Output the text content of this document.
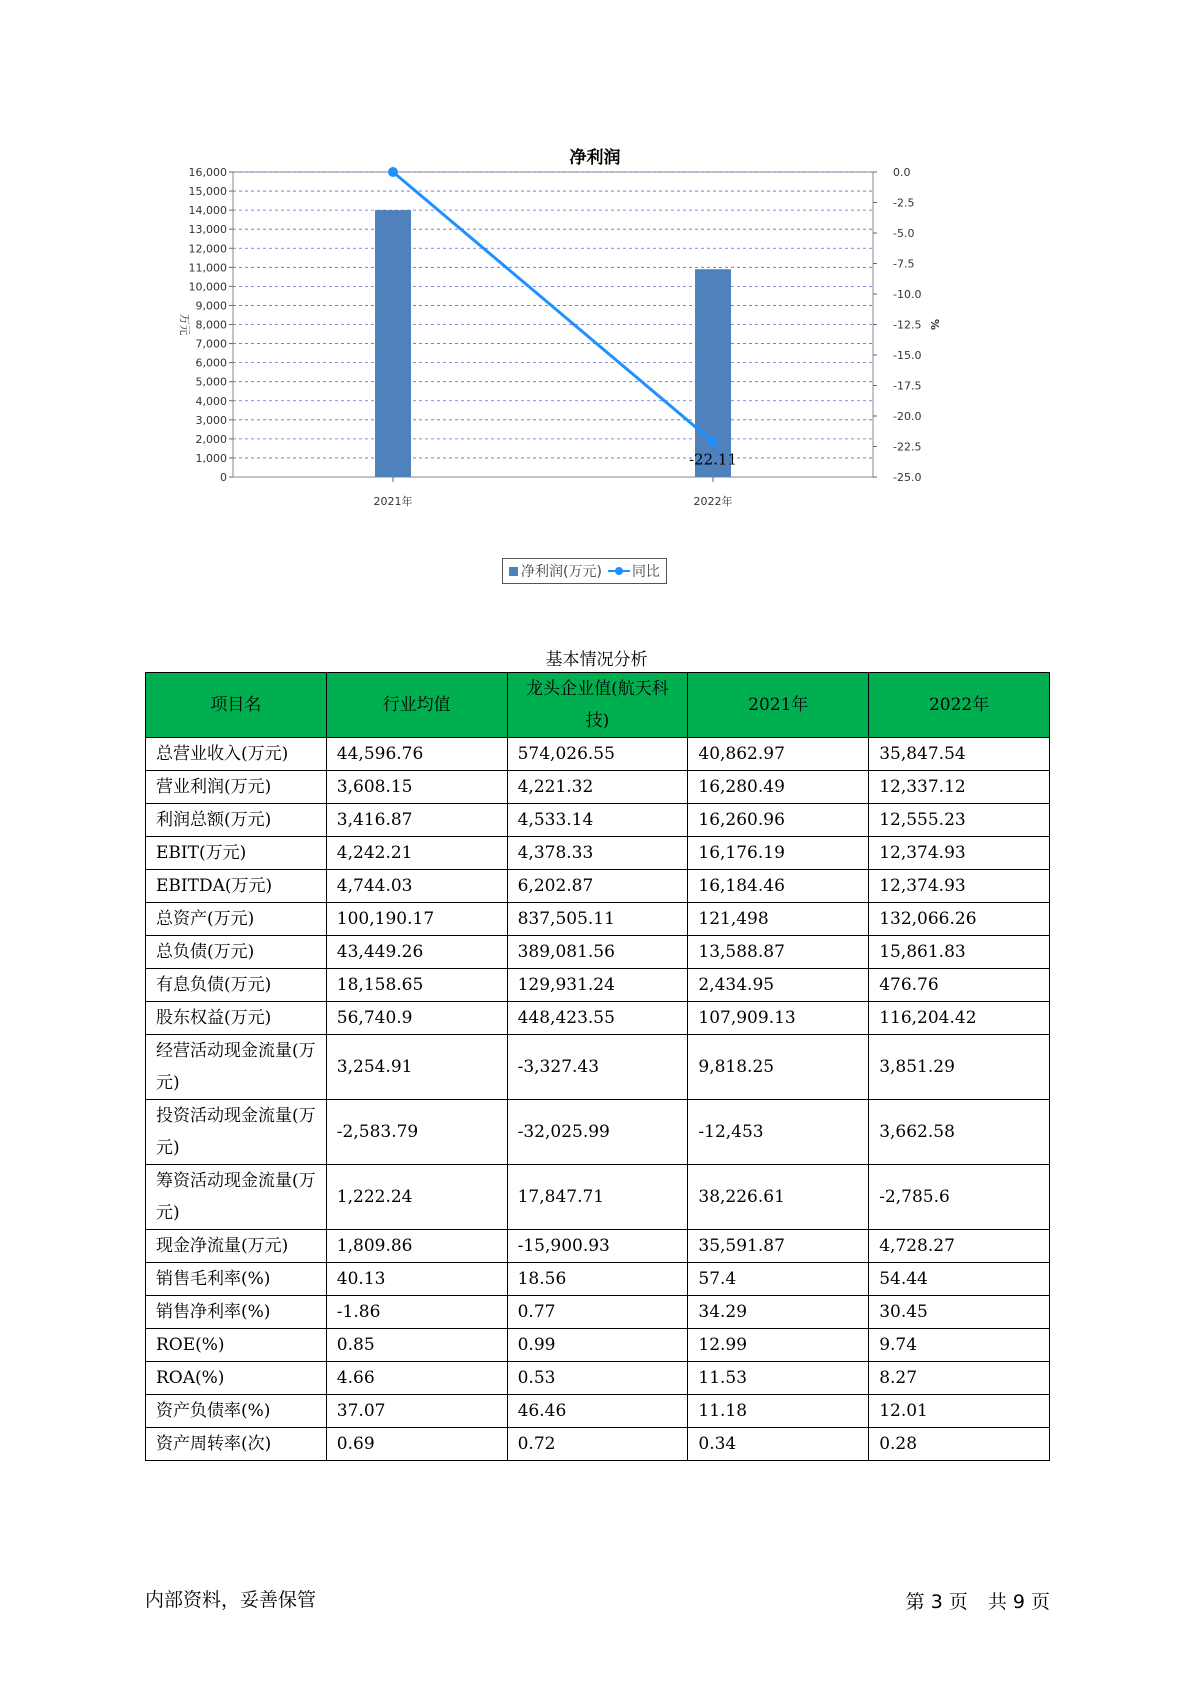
0
1,000
2,000
3,000
4,000
5,000
6,000
7,000
8,000
9,000
10,000
11,000
12,000
13,000
14,000
15,000
16,000	0.0
-2.5
-5.0
-7.5
-10.0
-12.5
-15.0
-17.5
-20.0
-22.5
-25.0
万元	%
2021年	2022年
-22.11
净利润
净利润(万元)	同比
基本情况分析
项目名	行业均值	龙头企业值(航天科技)	2021年	2022年
总营业收入(万元)	44,596.76	574,026.55	40,862.97	35,847.54
营业利润(万元)	3,608.15	4,221.32	16,280.49	12,337.12
利润总额(万元)	3,416.87	4,533.14	16,260.96	12,555.23
EBIT(万元)	4,242.21	4,378.33	16,176.19	12,374.93
EBITDA(万元)	4,744.03	6,202.87	16,184.46	12,374.93
总资产(万元)	100,190.17	837,505.11	121,498	132,066.26
总负债(万元)	43,449.26	389,081.56	13,588.87	15,861.83
有息负债(万元)	18,158.65	129,931.24	2,434.95	476.76
股东权益(万元)	56,740.9	448,423.55	107,909.13	116,204.42
经营活动现金流量(万元)	3,254.91	-3,327.43	9,818.25	3,851.29
投资活动现金流量(万元)	-2,583.79	-32,025.99	-12,453	3,662.58
筹资活动现金流量(万元)	1,222.24	17,847.71	38,226.61	-2,785.6
现金净流量(万元)	1,809.86	-15,900.93	35,591.87	4,728.27
销售毛利率(%)	40.13	18.56	57.4	54.44
销售净利率(%)	-1.86	0.77	34.29	30.45
ROE(%)	0.85	0.99	12.99	9.74
ROA(%)	4.66	0.53	11.53	8.27
资产负债率(%)	37.07	46.46	11.18	12.01
资产周转率(次)	0.69	0.72	0.34	0.28
内部资料，妥善保管	第 3 页 共 9 页
